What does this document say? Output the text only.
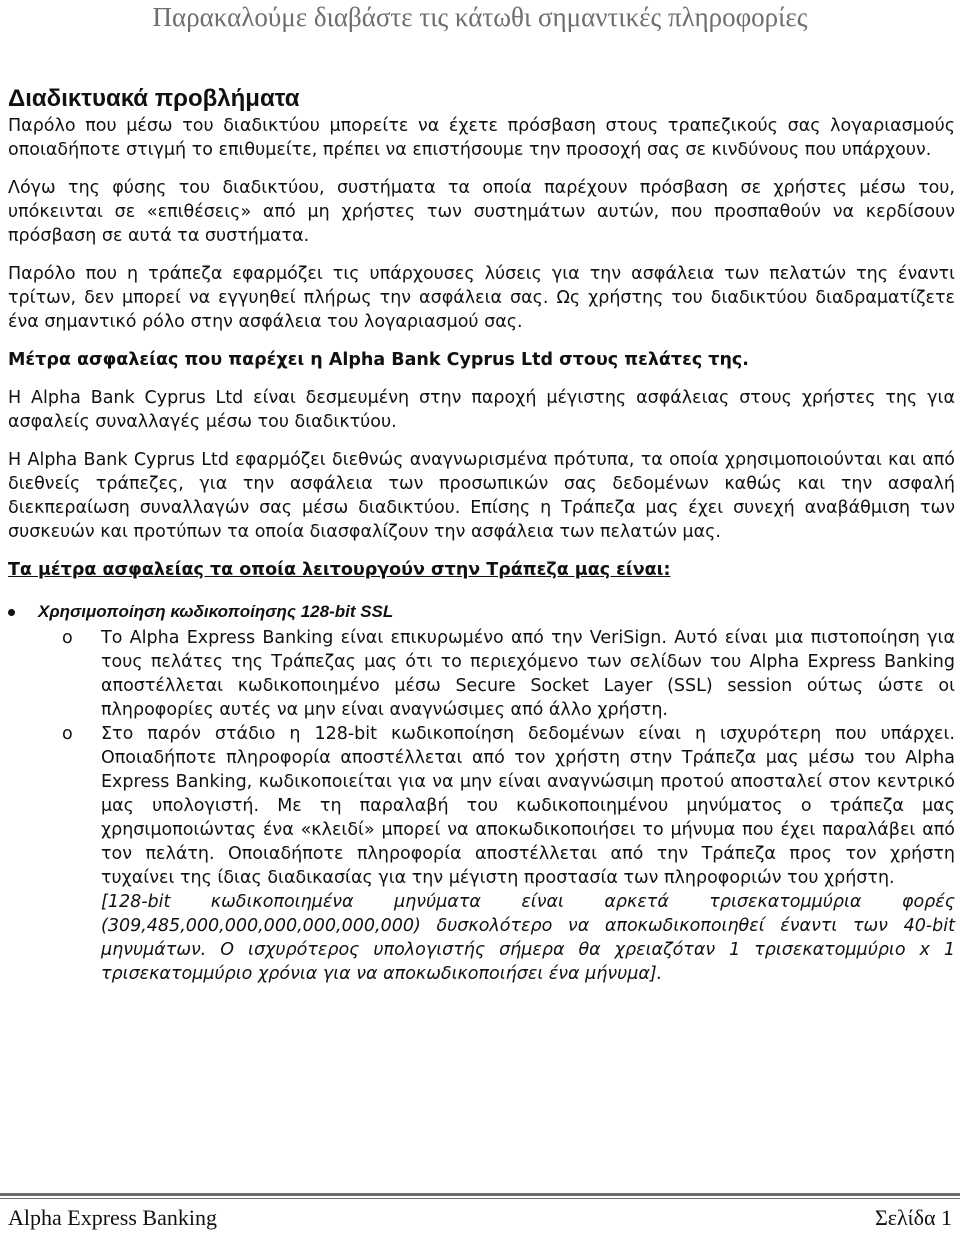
Παρακαλούμε διαβάστε τις κάτωθι σημαντικές πληροφορίες

Διαδικτυακά προβλήματα

Παρόλο που μέσω του διαδικτύου μπορείτε να έχετε πρόσβαση στους τραπεζικούς σας λογαριασμούς οποιαδήποτε στιγμή το επιθυμείτε, πρέπει να επιστήσουμε την προσοχή σας σε κινδύνους που υπάρχουν.

Λόγω της φύσης του διαδικτύου, συστήματα τα οποία παρέχουν πρόσβαση σε χρήστες μέσω του, υπόκεινται σε «επιθέσεις» από μη χρήστες των συστημάτων αυτών, που προσπαθούν να κερδίσουν πρόσβαση σε αυτά τα συστήματα.

Παρόλο που η τράπεζα εφαρμόζει τις υπάρχουσες λύσεις για την ασφάλεια των πελατών της έναντι τρίτων, δεν μπορεί να εγγυηθεί πλήρως την ασφάλεια σας. Ως χρήστης του διαδικτύου διαδραματίζετε ένα σημαντικό ρόλο στην ασφάλεια του λογαριασμού σας.

Μέτρα ασφαλείας που παρέχει η Alpha Bank Cyprus Ltd στους πελάτες της.

Η Alpha Bank Cyprus Ltd είναι δεσμευμένη στην παροχή μέγιστης ασφάλειας στους χρήστες της για ασφαλείς συναλλαγές μέσω του διαδικτύου.

Η Alpha Bank Cyprus Ltd εφαρμόζει διεθνώς αναγνωρισμένα πρότυπα, τα οποία χρησιμοποιούνται και από διεθνείς τράπεζες, για την ασφάλεια των προσωπικών σας δεδομένων καθώς και την ασφαλή διεκπεραίωση συναλλαγών σας μέσω διαδικτύου. Επίσης η Τράπεζα μας έχει συνεχή αναβάθμιση των συσκευών και προτύπων τα οποία διασφαλίζουν την ασφάλεια των πελατών μας.

Τα μέτρα ασφαλείας τα οποία λειτουργούν στην Τράπεζα μας είναι:

Χρησιμοποίηση κωδικοποίησης 128-bit SSL
o Το Alpha Express Banking είναι επικυρωμένο από την VeriSign. Αυτό είναι μια πιστοποίηση για τους πελάτες της Τράπεζας μας ότι το περιεχόμενο των σελίδων του Alpha Express Banking αποστέλλεται κωδικοποιημένο μέσω Secure Socket Layer (SSL) session ούτως ώστε οι πληροφορίες αυτές να μην είναι αναγνώσιμες από άλλο χρήστη.

o Στο παρόν στάδιο η 128-bit κωδικοποίηση δεδομένων είναι η ισχυρότερη που υπάρχει. Οποιαδήποτε πληροφορία αποστέλλεται από τον χρήστη στην Τράπεζα μας μέσω του Alpha Express Banking, κωδικοποιείται για να μην είναι αναγνώσιμη προτού αποσταλεί στον κεντρικό μας υπολογιστή. Με τη παραλαβή του κωδικοποιημένου μηνύματος ο τράπεζα μας χρησιμοποιώντας ένα «κλειδί» μπορεί να αποκωδικοποιήσει το μήνυμα που έχει παραλάβει από τον πελάτη. Οποιαδήποτε πληροφορία αποστέλλεται από την Τράπεζα προς τον χρήστη τυχαίνει της ίδιας διαδικασίας για την μέγιστη προστασία των πληροφοριών του χρήστη.

[128-bit κωδικοποιημένα μηνύματα είναι αρκετά τρισεκατομμύρια φορές (309,485,000,000,000,000,000,000) δυσκολότερο να αποκωδικοποιηθεί έναντι των 40-bit μηνυμάτων. Ο ισχυρότερος υπολογιστής σήμερα θα χρειαζόταν 1 τρισεκατομμύριο x 1 τρισεκατομμύριο χρόνια για να αποκωδικοποιήσει ένα μήνυμα].

Alpha Express Banking	Σελίδα 1
